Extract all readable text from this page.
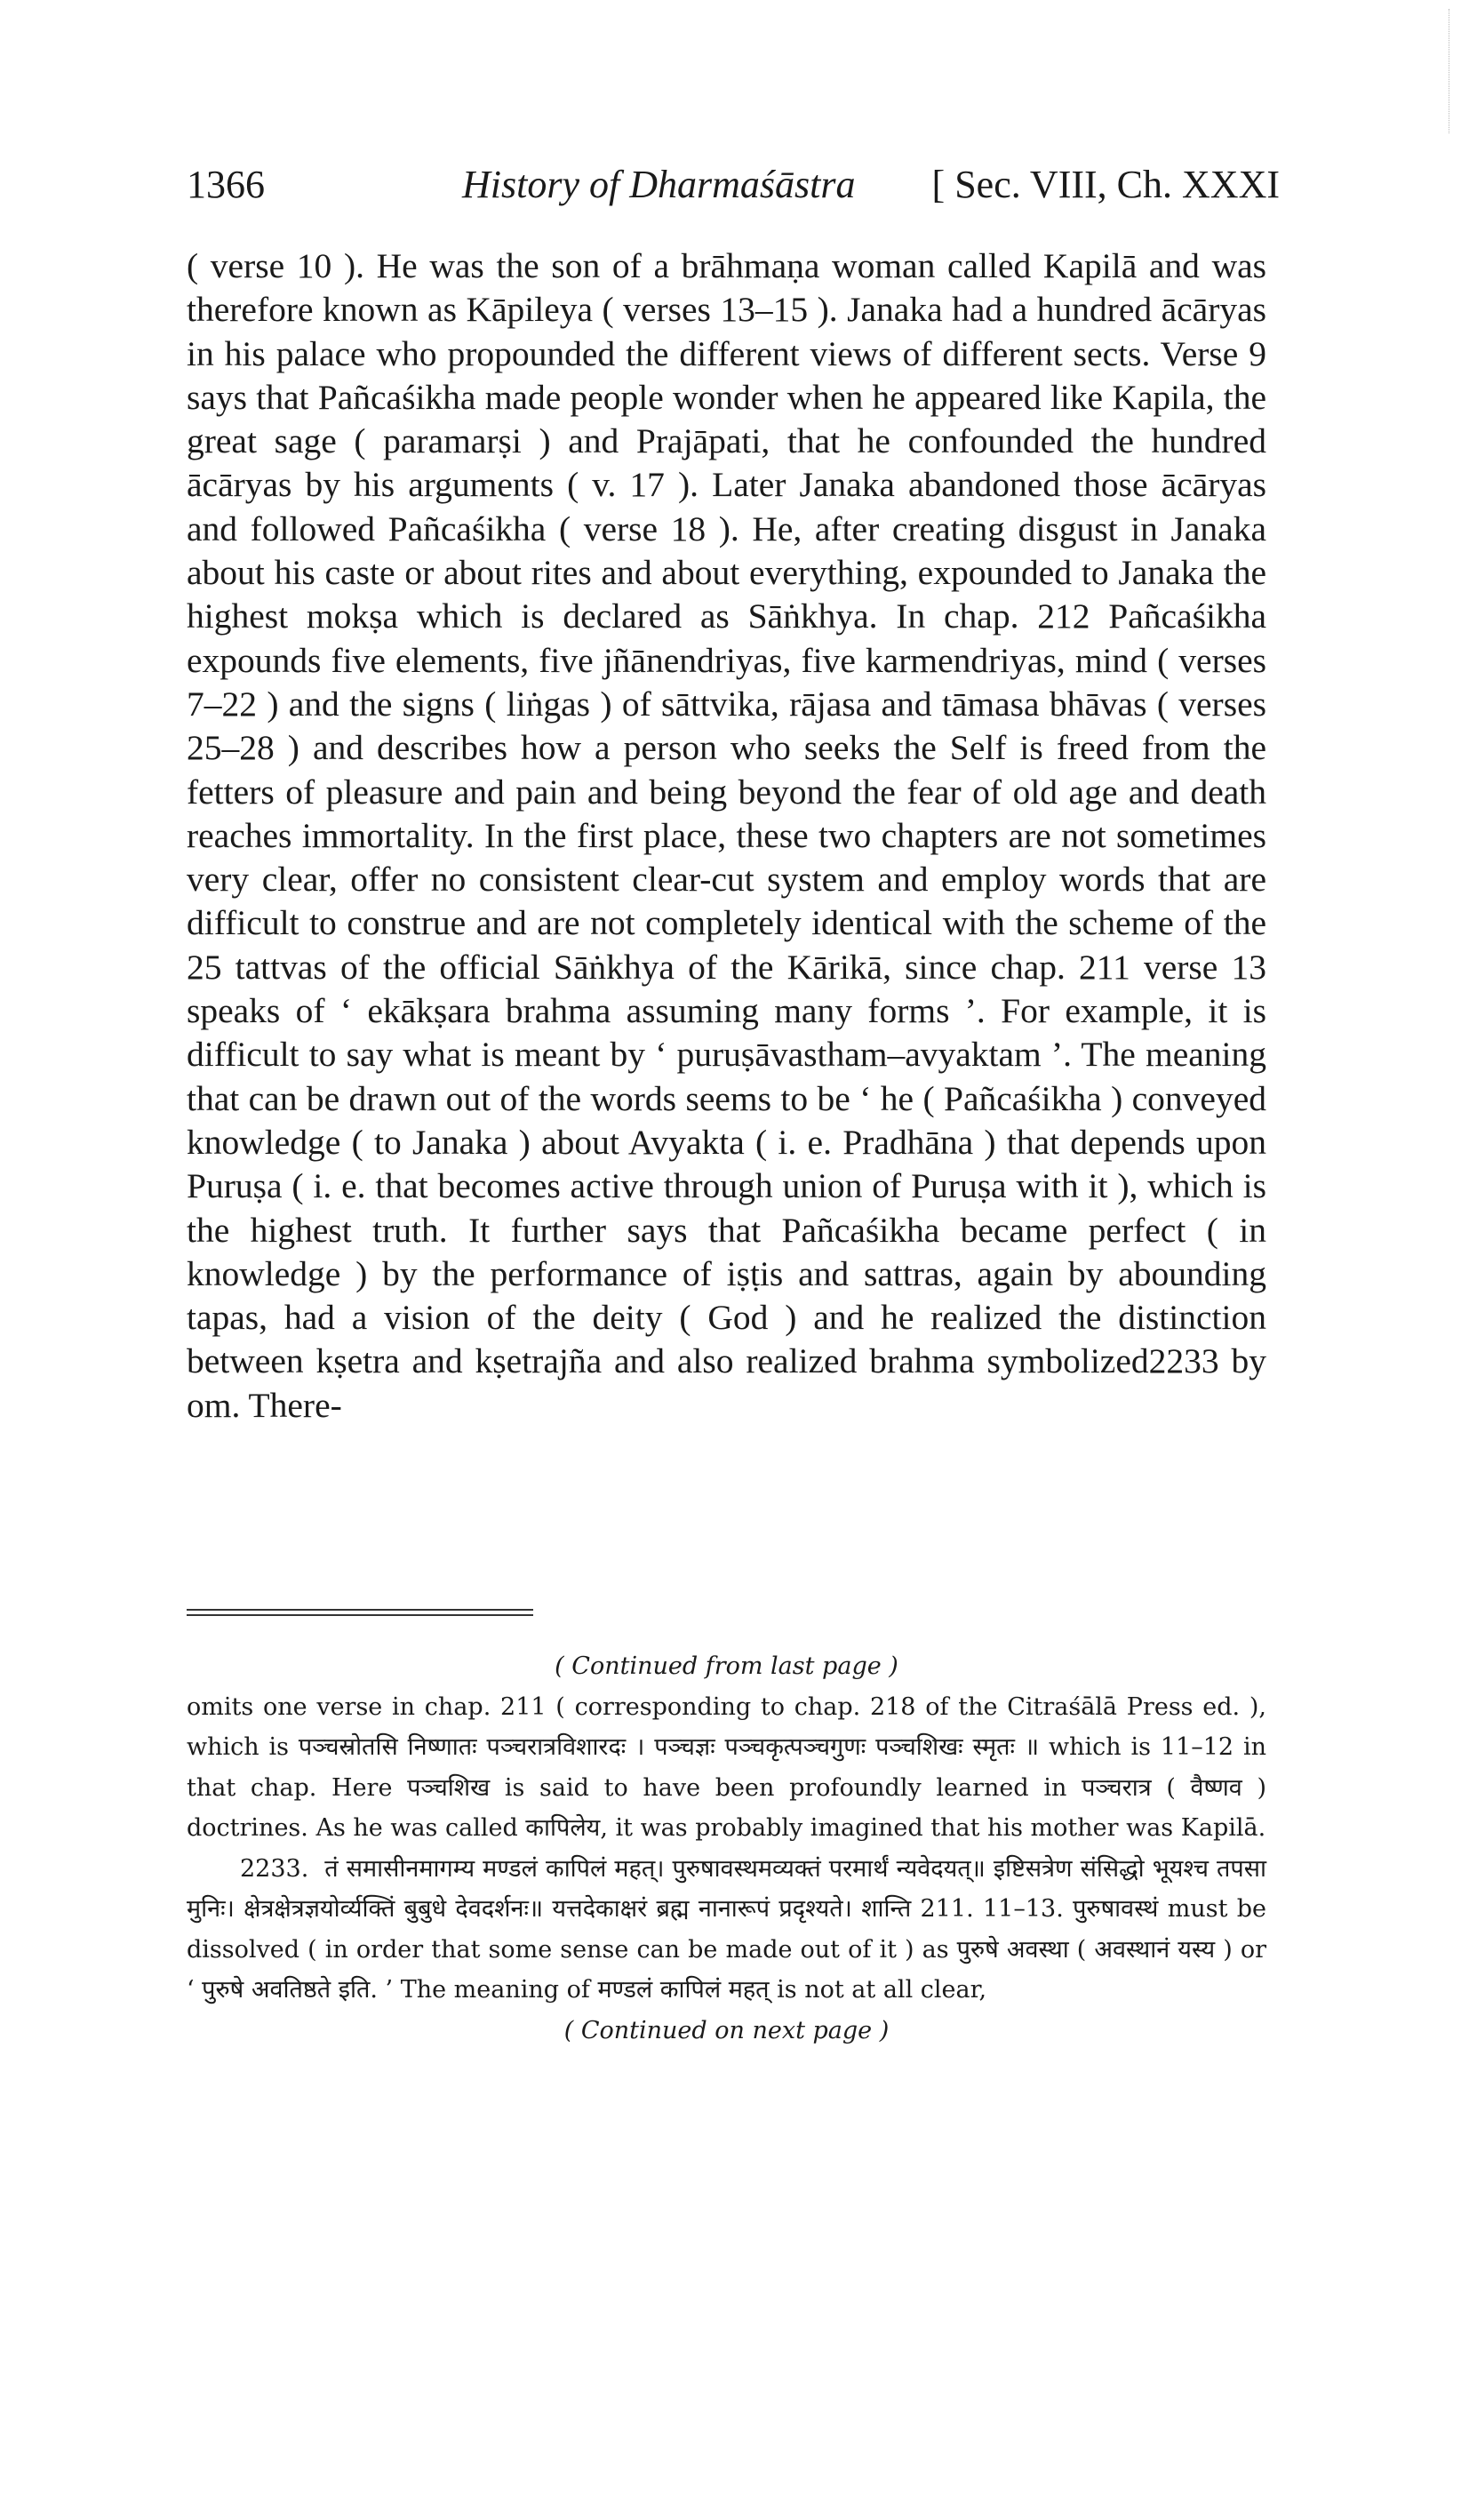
1366	History of Dharmaśāstra [ Sec. VIII, Ch. XXXI

( verse 10 ). He was the son of a brāhmaṇa woman called Kapilā and was therefore known as Kāpileya ( verses 13–15 ). Janaka had a hundred ācāryas in his palace who propounded the different views of different sects. Verse 9 says that Pañcaśikha made people wonder when he appeared like Kapila, the great sage ( paramarṣi ) and Prajāpati, that he confounded the hundred ācāryas by his arguments ( v. 17 ). Later Janaka abandoned those ācāryas and followed Pañcaśikha ( verse 18 ). He, after creating disgust in Janaka about his caste or about rites and about everything, expounded to Janaka the highest mokṣa which is declared as Sāṅkhya. In chap. 212 Pañcaśikha expounds five elements, five jñānendriyas, five karmendriyas, mind ( verses 7–22 ) and the signs ( liṅgas ) of sāttvika, rājasa and tāmasa bhāvas ( verses 25–28 ) and describes how a person who seeks the Self is freed from the fetters of pleasure and pain and being beyond the fear of old age and death reaches immortality. In the first place, these two chapters are not sometimes very clear, offer no consistent clear-cut system and employ words that are difficult to construe and are not completely identical with the scheme of the 25 tattvas of the official Sāṅkhya of the Kārikā, since chap. 211 verse 13 speaks of ‘ ekākṣara brahma assuming many forms ’. For example, it is difficult to say what is meant by ‘ puruṣāvastham–avyaktam ’. The meaning that can be drawn out of the words seems to be ‘ he ( Pañcaśikha ) conveyed knowledge ( to Janaka ) about Avyakta ( i. e. Pradhāna ) that depends upon Puruṣa ( i. e. that becomes active through union of Puruṣa with it ), which is the highest truth. It further says that Pañcaśikha became perfect ( in knowledge ) by the performance of iṣṭis and sattras, again by abounding tapas, had a vision of the deity ( God ) and he realized the distinction between kṣetra and kṣetrajña and also realized brahma symbolized2233 by om. There-

( Continued from last page )

omits one verse in chap. 211 ( corresponding to chap. 218 of the Citraśālā Press ed. ), which is पञ्चस्रोतसि निष्णातः पञ्चरात्रविशारदः । पञ्चज्ञः पञ्चकृत्पञ्चगुणः पञ्चशिखः स्मृतः ॥ which is 11–12 in that chap. Here पञ्चशिख is said to have been profoundly learned in पञ्चरात्र ( वैष्णव ) doctrines. As he was called कापिलेय, it was probably imagined that his mother was Kapilā.

2233. तं समासीनमागम्य मण्डलं कापिलं महत्। पुरुषावस्थमव्यक्तं परमार्थं न्यवेदयत्॥ इष्टिसत्रेण संसिद्धो भूयश्च तपसा मुनिः। क्षेत्रक्षेत्रज्ञयोर्व्यक्तिं बुबुधे देवदर्शनः॥ यत्तदेकाक्षरं ब्रह्म नानारूपं प्रदृश्यते। शान्ति 211. 11–13. पुरुषावस्थं must be dissolved ( in order that some sense can be made out of it ) as पुरुषे अवस्था ( अवस्थानं यस्य ) or ‘ पुरुषे अवतिष्ठते इति. ’ The meaning of मण्डलं कापिलं महत् is not at all clear,

( Continued on next page )
